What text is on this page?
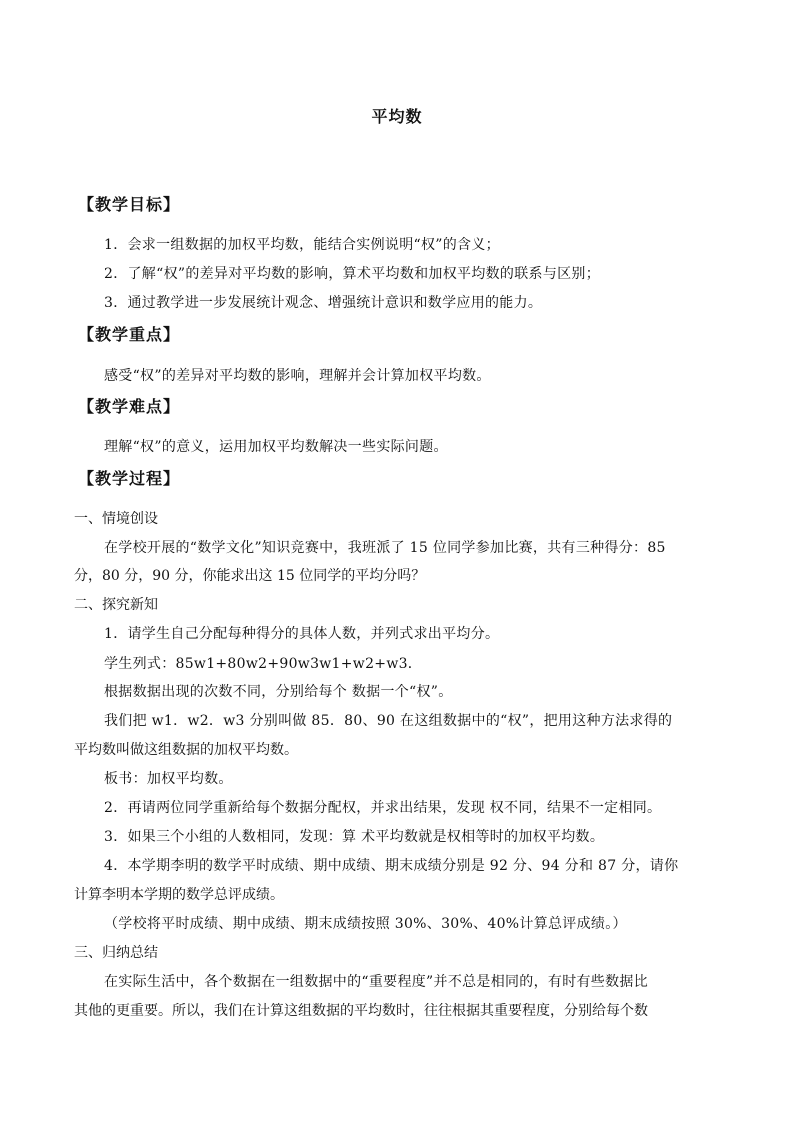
平均数
【教学目标】
1．会求一组数据的加权平均数，能结合实例说明“权”的含义；
2．了解“权”的差异对平均数的影响，算术平均数和加权平均数的联系与区别；
3．通过教学进一步发展统计观念、增强统计意识和数学应用的能力。
【教学重点】
感受“权”的差异对平均数的影响，理解并会计算加权平均数。
【教学难点】
理解“权”的意义，运用加权平均数解决一些实际问题。
【教学过程】
一、情境创设
在学校开展的“数学文化”知识竞赛中，我班派了 15 位同学参加比赛，共有三种得分：85
分，80 分，90 分，你能求出这 15 位同学的平均分吗？
二、探究新知
1．请学生自己分配每种得分的具体人数，并列式求出平均分。
学生列式：85w1+80w2+90w3w1+w2+w3．
根据数据出现的次数不同，分别给每个 数据一个“权”。
我们把 w1．w2．w3 分别叫做 85．80、90 在这组数据中的“权”，把用这种方法求得的
平均数叫做这组数据的加权平均数。
板书：加权平均数。
2．再请两位同学重新给每个数据分配权，并求出结果，发现 权不同，结果不一定相同。
3．如果三个小组的人数相同，发现：算 术平均数就是权相等时的加权平均数。
4．本学期李明的数学平时成绩、期中成绩、期末成绩分别是 92 分、94 分和 87 分，请你
计算李明本学期的数学总评成绩。
（学校将平时成绩、期中成绩、期末成绩按照 30%、30%、40%计算总评成绩。）
三、归纳总结
在实际生活中，各个数据在一组数据中的“重要程度”并不总是相同的，有时有些数据比
其他的更重要。所以，我们在计算这组数据的平均数时，往往根据其重要程度，分别给每个数
